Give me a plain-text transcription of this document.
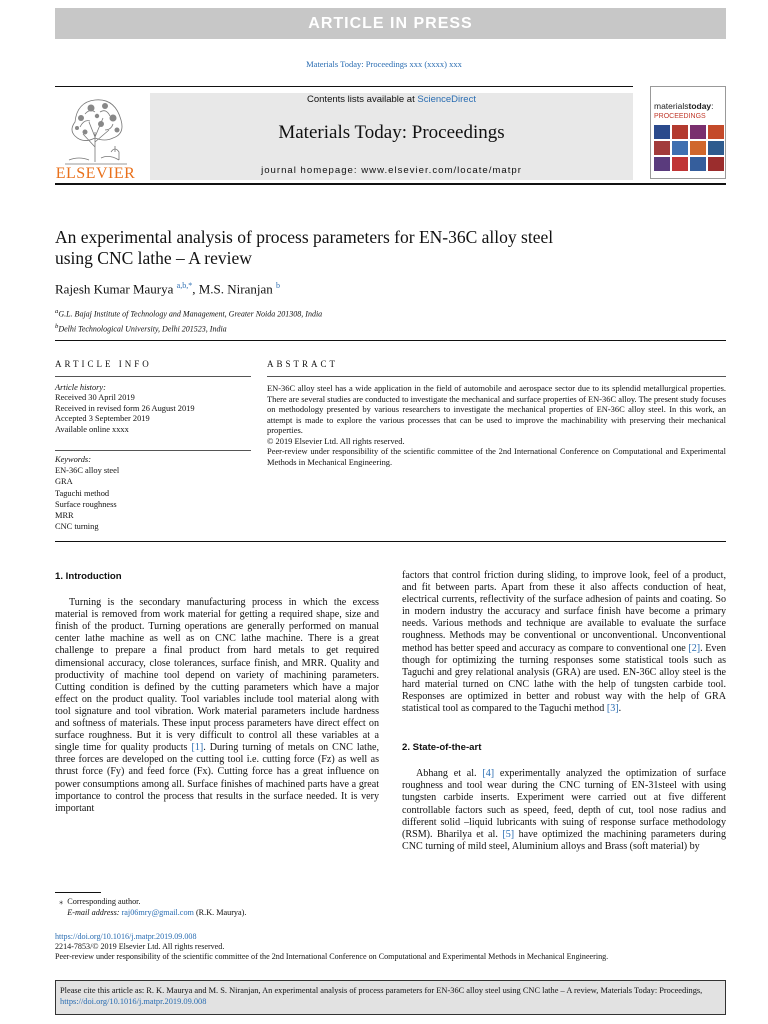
ARTICLE IN PRESS
Materials Today: Proceedings xxx (xxxx) xxx
ELSEVIER
Contents lists available at ScienceDirect
Materials Today: Proceedings
journal homepage: www.elsevier.com/locate/matpr
materialstoday:
PROCEEDINGS
An experimental analysis of process parameters for EN-36C alloy steel
using CNC lathe – A review
Rajesh Kumar Maurya $^{a,b,*}$, M.S. Niranjan $^b$
$^a$G.L. Bajaj Institute of Technology and Management, Greater Noida 201308, India
$^b$Delhi Technological University, Delhi 201523, India
ARTICLE INFO	ABSTRACT
Article history:
Received 30 April 2019
Received in revised form 26 August 2019
Accepted 3 September 2019
Available online xxxx
Keywords:
EN-36C alloy steel
GRA
Taguchi method
Surface roughness
MRR
CNC turning

EN-36C alloy steel has a wide application in the field of automobile and aerospace sector due to its splendid metallurgical properties. There are several studies are conducted to investigate the mechanical and surface properties of EN-36C alloy. The present study focuses on methodology presented by various researchers to investigate the mechanical properties of EN-36C alloy steel. In this work, an attempt is made to explore the various processes that can be used to improve the machinability with preserving their mechanical properties.

© 2019 Elsevier Ltd. All rights reserved.

Peer-review under responsibility of the scientific committee of the 2nd International Conference on Computational and Experimental Methods in Mechanical Engineering.

1. Introduction

Turning is the secondary manufacturing process in which the excess material is removed from work material for getting a required shape, size and finish of the product. Turning operations are generally performed on manual center lathe machine as well as on CNC lathe machine. There is a great challenge to prepare a final product from hard metals to get required dimensional accuracy, close tolerances, surface finish, and MRR. Quality and productivity of machine tool depend on variety of machining parameters. Cutting condition is defined by the cutting parameters which have a major effect on the product quality. Tool variables include tool material along with tool signature and tool vibration. Work material parameters include hardness and softness of materials. These input process parameters have direct effect on surface roughness. But it is very difficult to control all these variables at a single time for quality products [1]. During turning of metals on CNC lathe, three forces are developed on the cutting tool i.e. cutting force (Fz) as well as thrust force (Fy) and feed force (Fx). Cutting force has a great influence on power consumptions among all. Surface finishes of machined parts have a great importance to control the process that results in the surface needed. It is very important

factors that control friction during sliding, to improve look, feel of a product, and fit between parts. Apart from these it also affects conduction of heat, electrical currents, reflectivity of the surface adhesion of paints and coating. So in modern industry the accuracy and surface finish have become a primary needs. Various methods and technique are available to evaluate the surface roughness. Methods may be conventional or unconventional. Unconventional method has better speed and accuracy as compare to conventional one [2]. Even though for optimizing the turning responses some statistical tools such as Taguchi and grey relational analysis (GRA) are used. EN-36C alloy steel is the hard material turned on CNC lathe with the help of tungsten carbide tool. Responses are optimized in better and robust way with the help of GRA statistical tool as compared to the Taguchi method [3].

2. State-of-the-art

Abhang et al. [4] experimentally analyzed the optimization of surface roughness and tool wear during the CNC turning of EN-31steel with using tungsten carbide inserts. Experiment were carried out at five different controllable factors such as speed, feed, depth of cut, tool nose radius and different solid –liquid lubricants with suing of response surface methodology (RSM). Bharilya et al. [5] have optimized the machining parameters during CNC turning of mild steel, Aluminium alloys and Brass (soft material) by

⁎ Corresponding author.
E-mail address: raj06mry@gmail.com (R.K. Maurya).
https://doi.org/10.1016/j.matpr.2019.09.008
2214-7853/© 2019 Elsevier Ltd. All rights reserved.
Peer-review under responsibility of the scientific committee of the 2nd International Conference on Computational and Experimental Methods in Mechanical Engineering.
Please cite this article as: R. K. Maurya and M. S. Niranjan, An experimental analysis of process parameters for EN-36C alloy steel using CNC lathe – A review, Materials Today: Proceedings, https://doi.org/10.1016/j.matpr.2019.09.008
